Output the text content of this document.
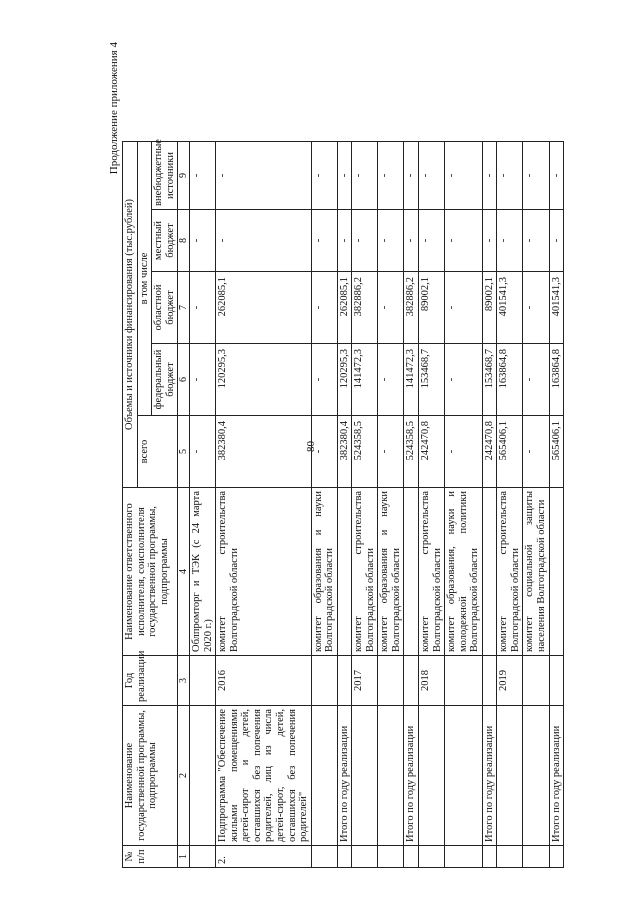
80
Продолжение приложения 4
№ п/п	Наименование государственной программы, подпрограммы	Год реализации	Наименование ответственного исполнителя, соисполнителя государственной программы, подпрограммы	Объемы и источники финансирования (тыс.рублей)					
				всего	в том числе				
					федеральный бюджет	областной бюджет	местный бюджет	внебюджетные источники	
1	2	3	4	5	6	7	8	9	
			Облпромторг и ТЭК (с 24 марта 2020 г.)	-	-	-	-	-	
2.	Подпрограмма "Обеспечение жилыми помещениями детей-сирот и детей, оставшихся без попечения родителей, лиц из числа детей-сирот, детей, оставшихся без попечения родителей"	2016	комитет строительства Волгоградской области	382380,4	120295,3	262085,1	-	-	
			комитет образования и науки Волгоградской области	-	-	-	-	-	
	Итого по году реализации			382380,4	120295,3	262085,1	-	-	
		2017	комитет строительства Волгоградской области	524358,5	141472,3	382886,2	-	-	
			комитет образования и науки Волгоградской области	-	-	-	-	-	
	Итого по году реализации			524358,5	141472,3	382886,2	-	-	
		2018	комитет строительства Волгоградской области	242470,8	153468,7	89002,1	-	-	
			комитет образования, науки и молодежной политики Волгоградской области	-	-	-	-	-	
	Итого по году реализации			242470,8	153468,7	89002,1	-	-	
		2019	комитет строительства Волгоградской области	565406,1	163864,8	401541,3	-	-	
			комитет социальной защиты населения Волгоградской области	-	-	-	-	-	
	Итого по году реализации			565406,1	163864,8	401541,3	-	-	
